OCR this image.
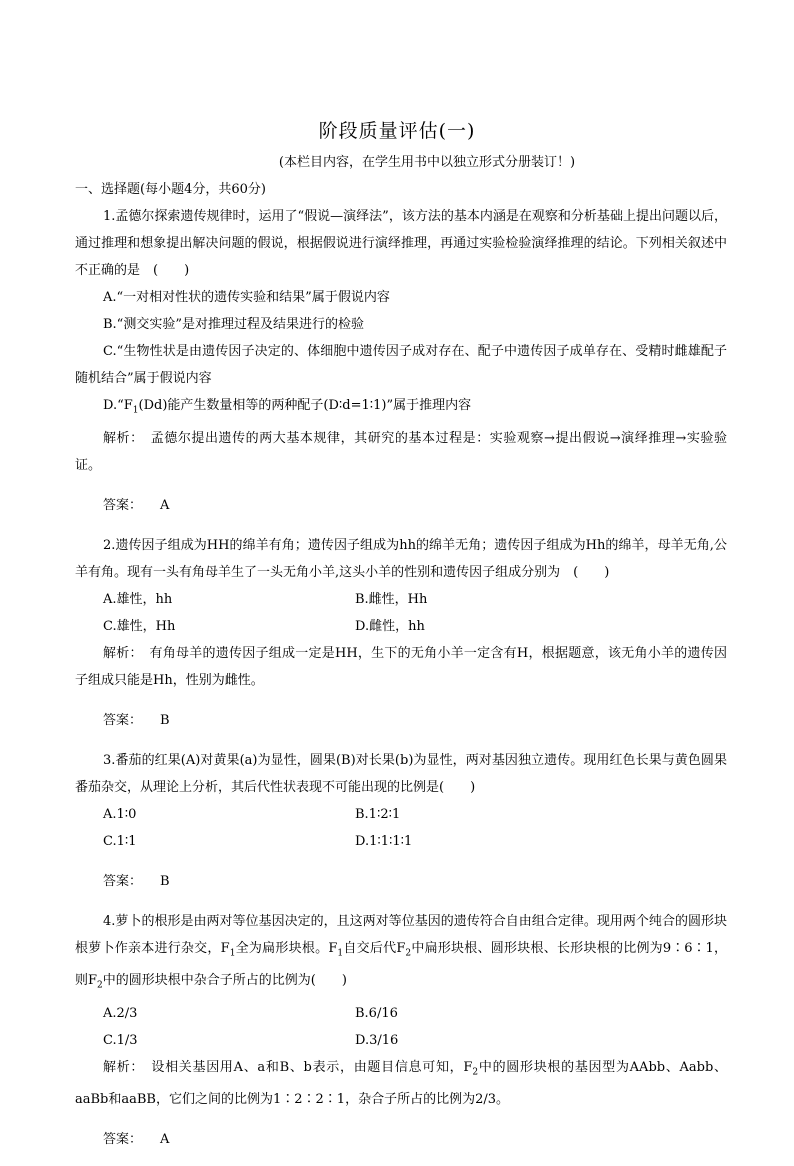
阶段质量评估(一)
(本栏目内容，在学生用书中以独立形式分册装订！)

一、选择题(每小题4分，共60分)

1.孟德尔探索遗传规律时，运用了“假说—演绎法”，该方法的基本内涵是在观察和分析基础上提出问题以后，通过推理和想象提出解决问题的假说，根据假说进行演绎推理，再通过实验检验演绎推理的结论。下列相关叙述中不正确的是　(　　)

A.“一对相对性状的遗传实验和结果”属于假说内容

B.“测交实验”是对推理过程及结果进行的检验

C.“生物性状是由遗传因子决定的、体细胞中遗传因子成对存在、配子中遗传因子成单存在、受精时雌雄配子随机结合”属于假说内容

$D.“F_1(Dd)$能产生数量相等的两种配子(D∶d=1∶1)”属于推理内容

解析：　 孟德尔提出遗传的两大基本规律，其研究的基本过程是：实验观察→提出假说→演绎推理→实验验证。

答案： A

2.遗传因子组成为HH的绵羊有角；遗传因子组成为hh的绵羊无角；遗传因子组成为Hh的绵羊，母羊无角,公羊有角。现有一头有角母羊生了一头无角小羊,这头小羊的性别和遗传因子组成分别为　(　　)

A.雄性，hh	B.雌性，Hh
C.雄性，Hh	D.雌性，hh

解析：　 有角母羊的遗传因子组成一定是HH，生下的无角小羊一定含有H，根据题意，该无角小羊的遗传因子组成只能是Hh，性别为雌性。

答案： B

3.番茄的红果(A)对黄果(a)为显性，圆果(B)对长果(b)为显性，两对基因独立遗传。现用红色长果与黄色圆果番茄杂交，从理论上分析，其后代性状表现不可能出现的比例是(　　)

A.1∶0	B.1∶2∶1
C.1∶1	D.1∶1∶1∶1

答案： B

4.萝卜的根形是由两对等位基因决定的，且这两对等位基因的遗传符合自由组合定律。现用两个纯合的圆形块根萝卜作亲本进行杂交，$F_1$全为扁形块根。$F_1$自交后代$F_2$中扁形块根、圆形块根、长形块根的比例为9∶6∶1，则$F_2$中的圆形块根中杂合子所占的比例为(　　)

A.2/3	B.6/16
C.1/3	D.3/16

解析：　 设相关基因用A、a和B、b表示，由题目信息可知，$F_2$中的圆形块根的基因型为AAbb、Aabb、aaBb和aaBB，它们之间的比例为1∶2∶2∶1，杂合子所占的比例为2/3。

答案： A
